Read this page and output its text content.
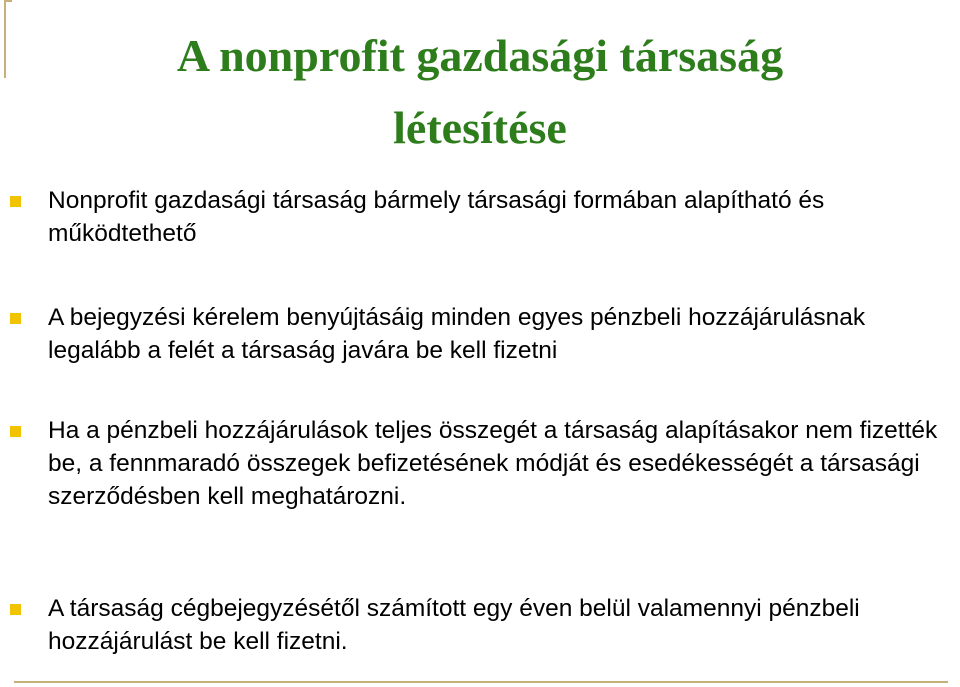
A nonprofit gazdasági társaság
létesítése
Nonprofit gazdasági társaság bármely társasági formában alapítható és működtethető
A bejegyzési kérelem benyújtásáig minden egyes pénzbeli hozzájárulásnak legalább a felét a társaság javára be kell fizetni
Ha a pénzbeli hozzájárulások teljes összegét a társaság alapításakor nem fizették be, a fennmaradó összegek befizetésének módját és esedékességét a társasági szerződésben kell meghatározni.
A társaság cégbejegyzésétől számított egy éven belül valamennyi pénzbeli hozzájárulást be kell fizetni.
